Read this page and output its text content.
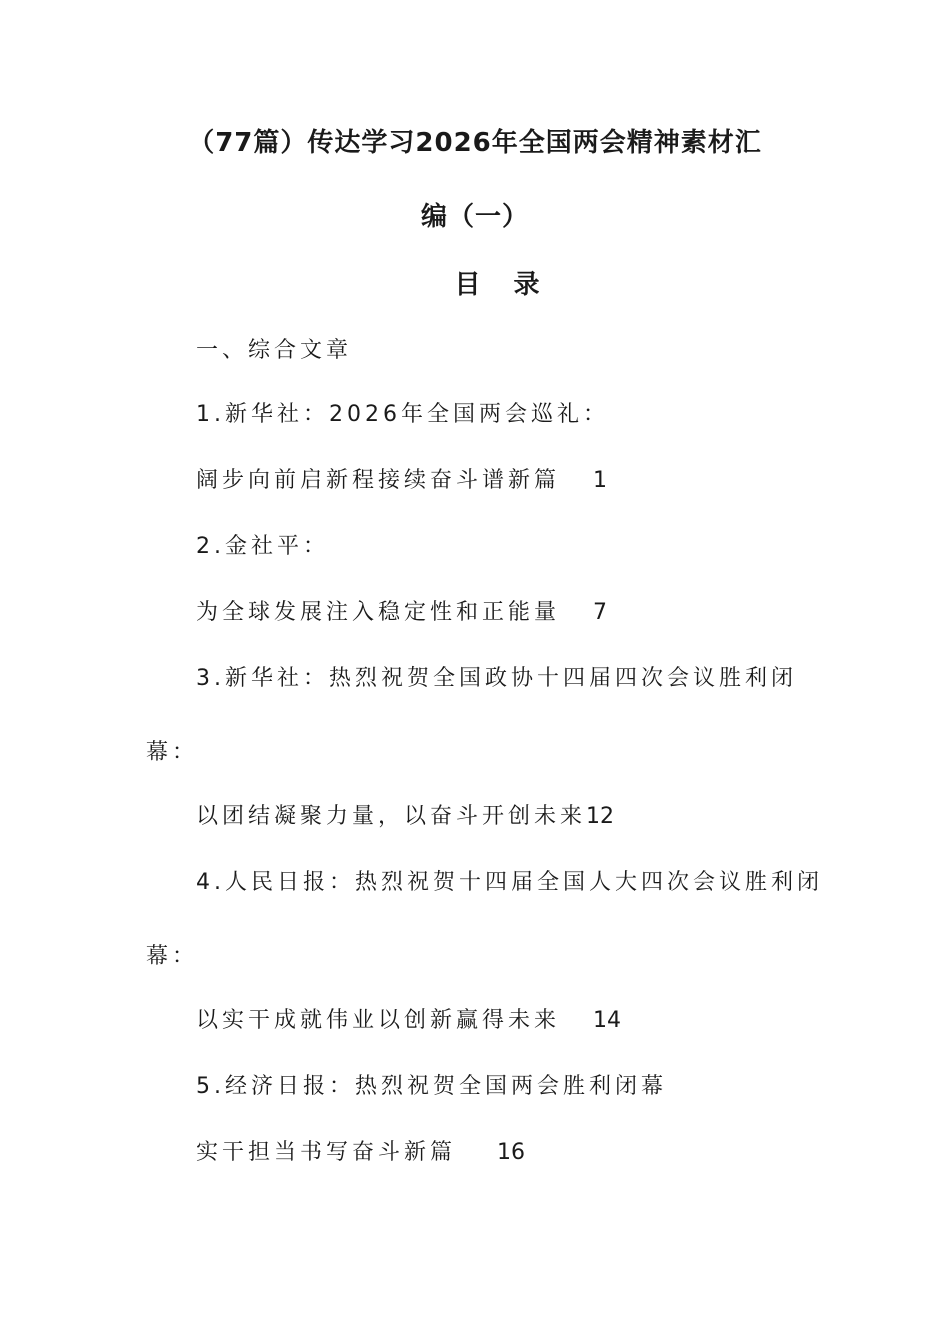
（77篇）传达学习2026年全国两会精神素材汇
编（一）
目 录
一、综合文章
1.新华社：2026年全国两会巡礼：
阔步向前启新程接续奋斗谱新篇 1
2.金社平：
为全球发展注入稳定性和正能量 7
3.新华社：热烈祝贺全国政协十四届四次会议胜利闭
幕：
以团结凝聚力量，以奋斗开创未来12
4.人民日报：热烈祝贺十四届全国人大四次会议胜利闭
幕：
以实干成就伟业以创新赢得未来 14
5.经济日报：热烈祝贺全国两会胜利闭幕
实干担当书写奋斗新篇 16
